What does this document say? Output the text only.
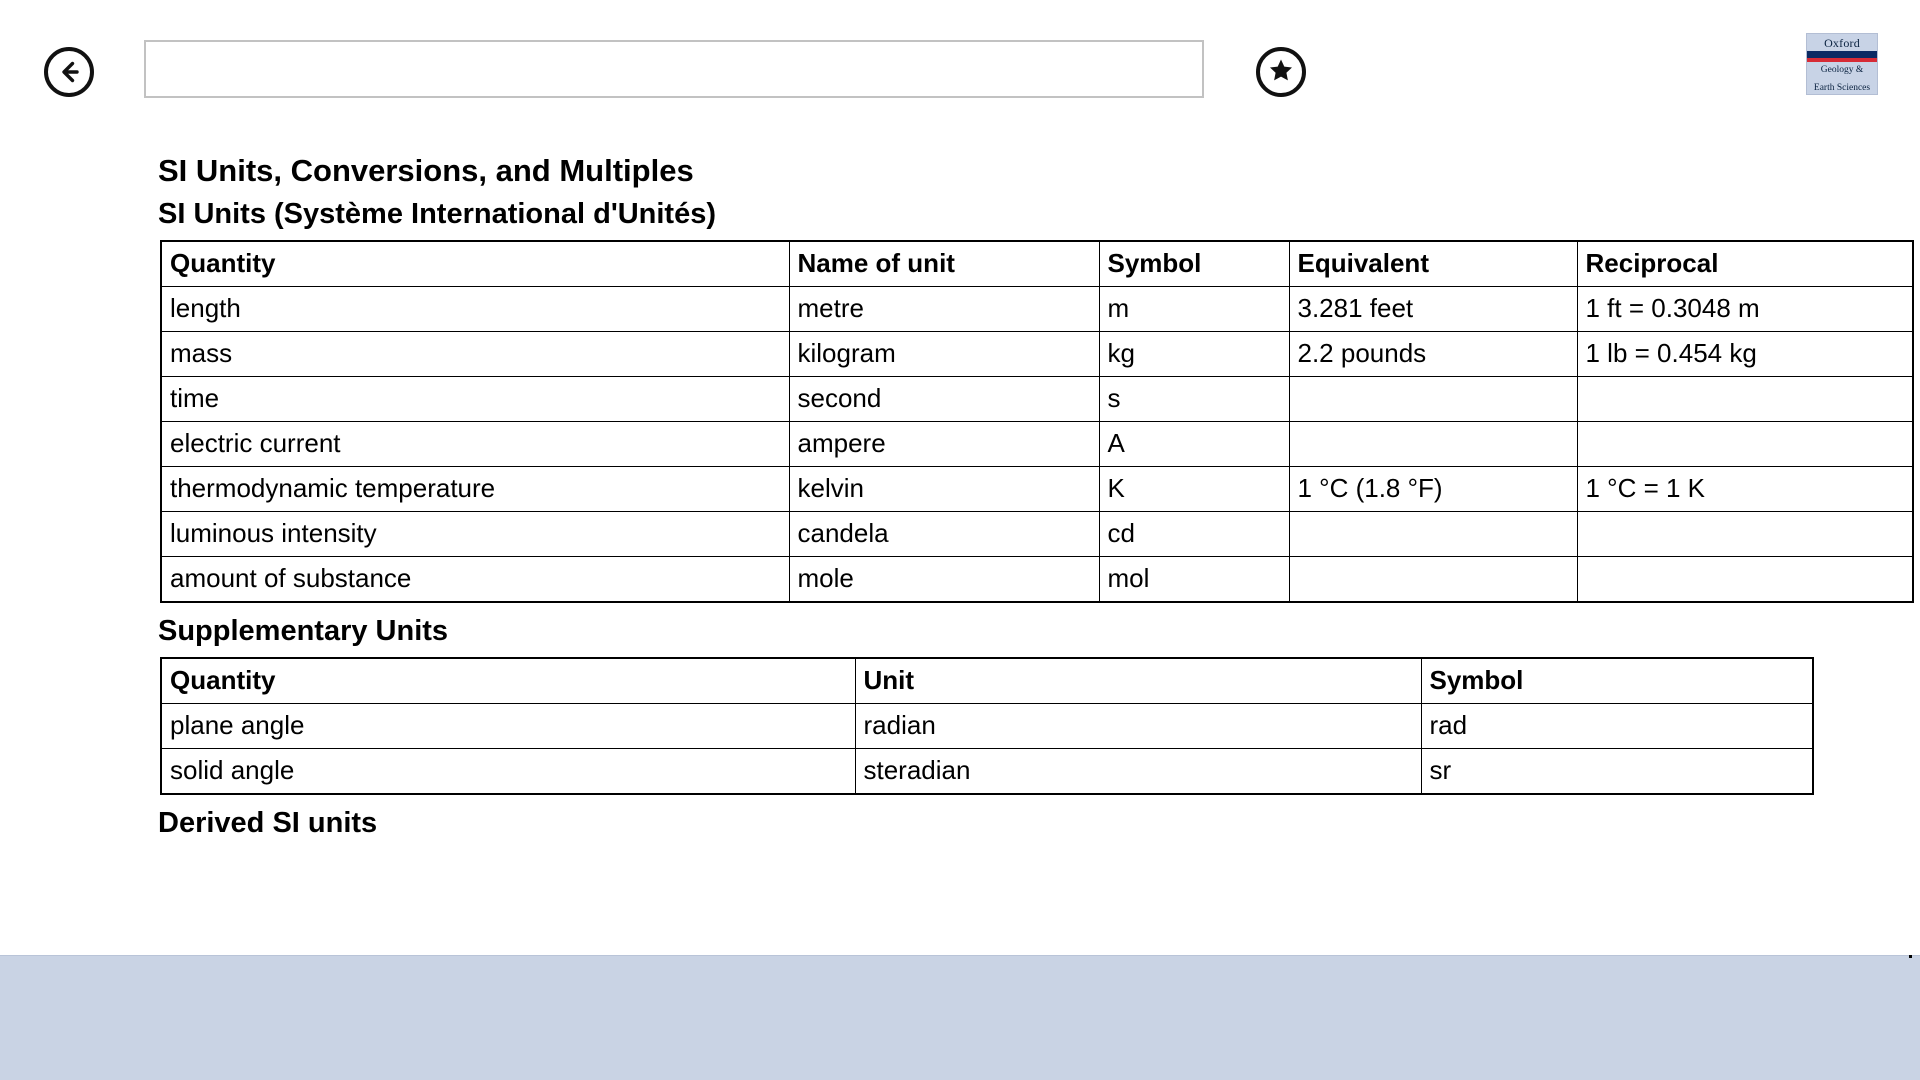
Oxford
Geology &
Earth Sciences
SI Units, Conversions, and Multiples
SI Units (Système International d'Unités)
Quantity	Name of unit	Symbol	Equivalent	Reciprocal
length	metre	m	3.281 feet	1 ft = 0.3048 m
mass	kilogram	kg	2.2 pounds	1 lb = 0.454 kg
time	second	s		
electric current	ampere	A		
thermodynamic temperature	kelvin	K	1 °C (1.8 °F)	1 °C = 1 K
luminous intensity	candela	cd		
amount of substance	mole	mol		
Supplementary Units
Quantity	Unit	Symbol
plane angle	radian	rad
solid angle	steradian	sr
Derived SI units
